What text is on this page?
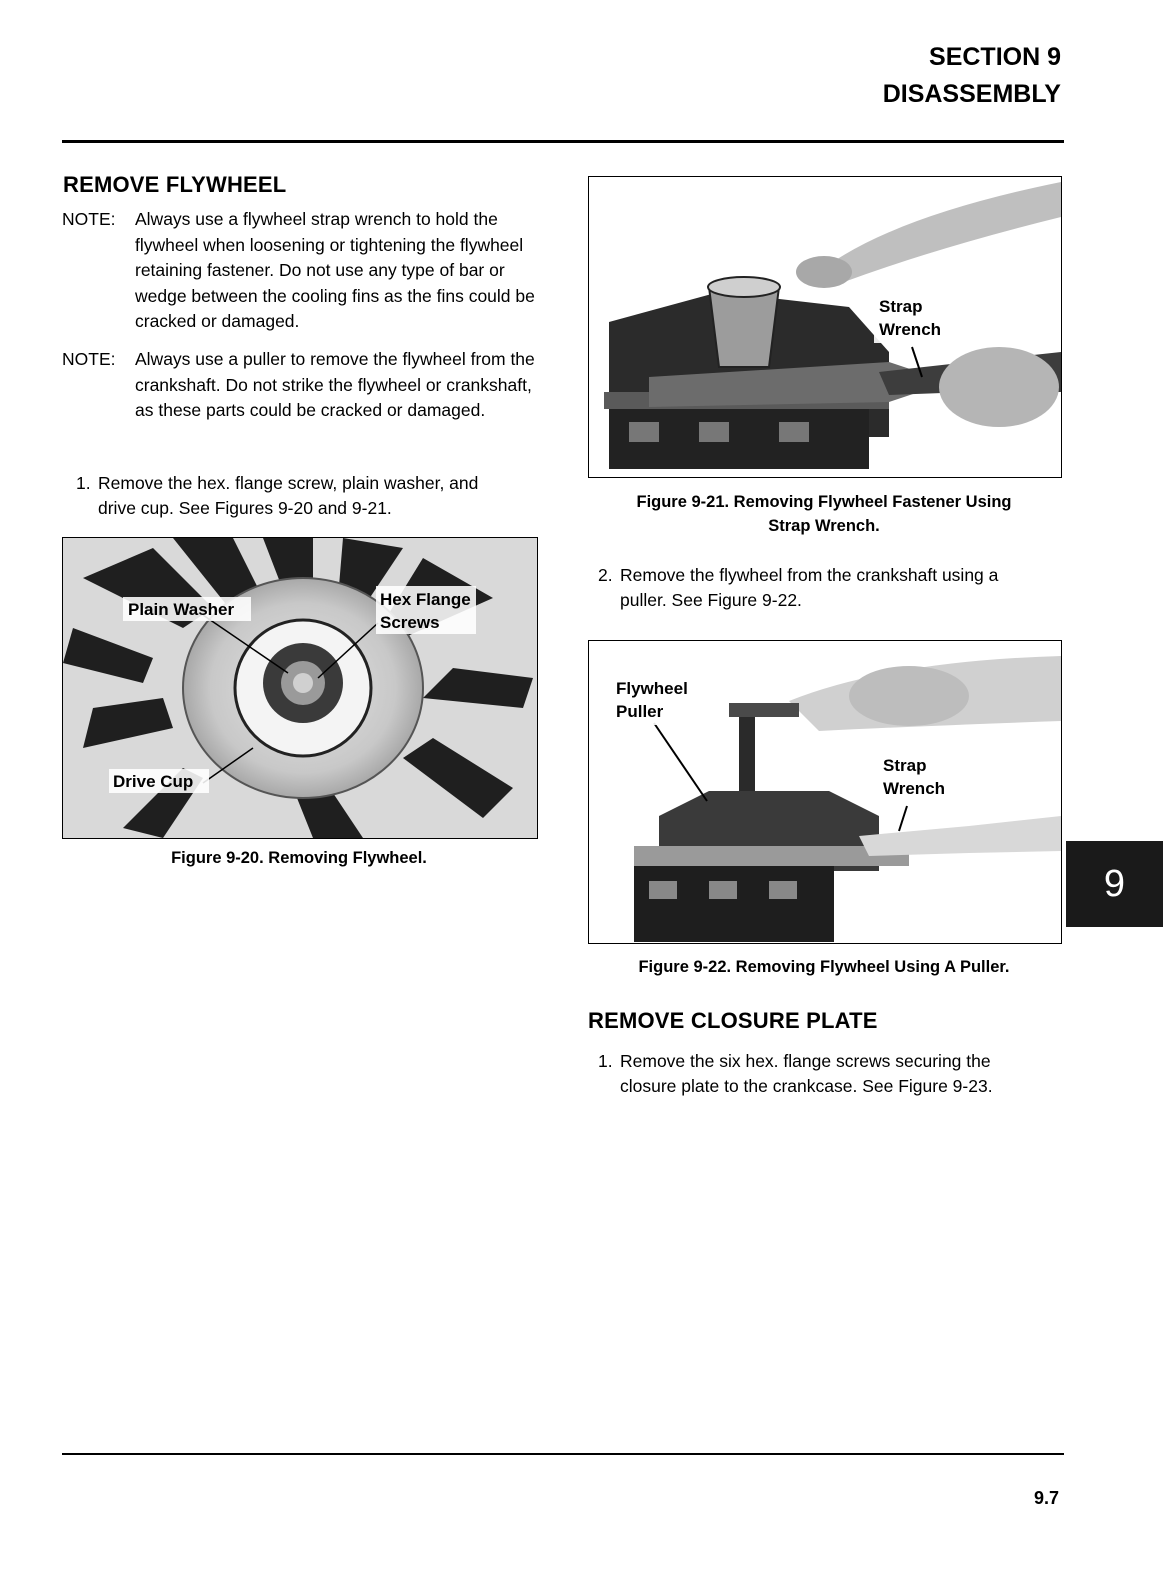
SECTION 9
DISASSEMBLY
REMOVE FLYWHEEL
NOTE: Always use a flywheel strap wrench to hold the flywheel when loosening or tightening the flywheel retaining fastener. Do not use any type of bar or wedge between the cooling fins as the fins could be cracked or damaged.
NOTE: Always use a puller to remove the flywheel from the crankshaft. Do not strike the flywheel or crankshaft, as these parts could be cracked or damaged.
1. Remove the hex. flange screw, plain washer, and
drive cup. See Figures 9-20 and 9-21.
Plain Washer
Hex Flange
Screws
Drive Cup
Figure 9-20. Removing Flywheel.
Strap
Wrench
Figure 9-21. Removing Flywheel Fastener Using
Strap Wrench.
2. Remove the flywheel from the crankshaft using a
puller. See Figure 9-22.
Flywheel
Puller
Strap
Wrench
Figure 9-22. Removing Flywheel Using A Puller.
REMOVE CLOSURE PLATE
1. Remove the six hex. flange screws securing the
closure plate to the crankcase. See Figure 9-23.
9
9.7
